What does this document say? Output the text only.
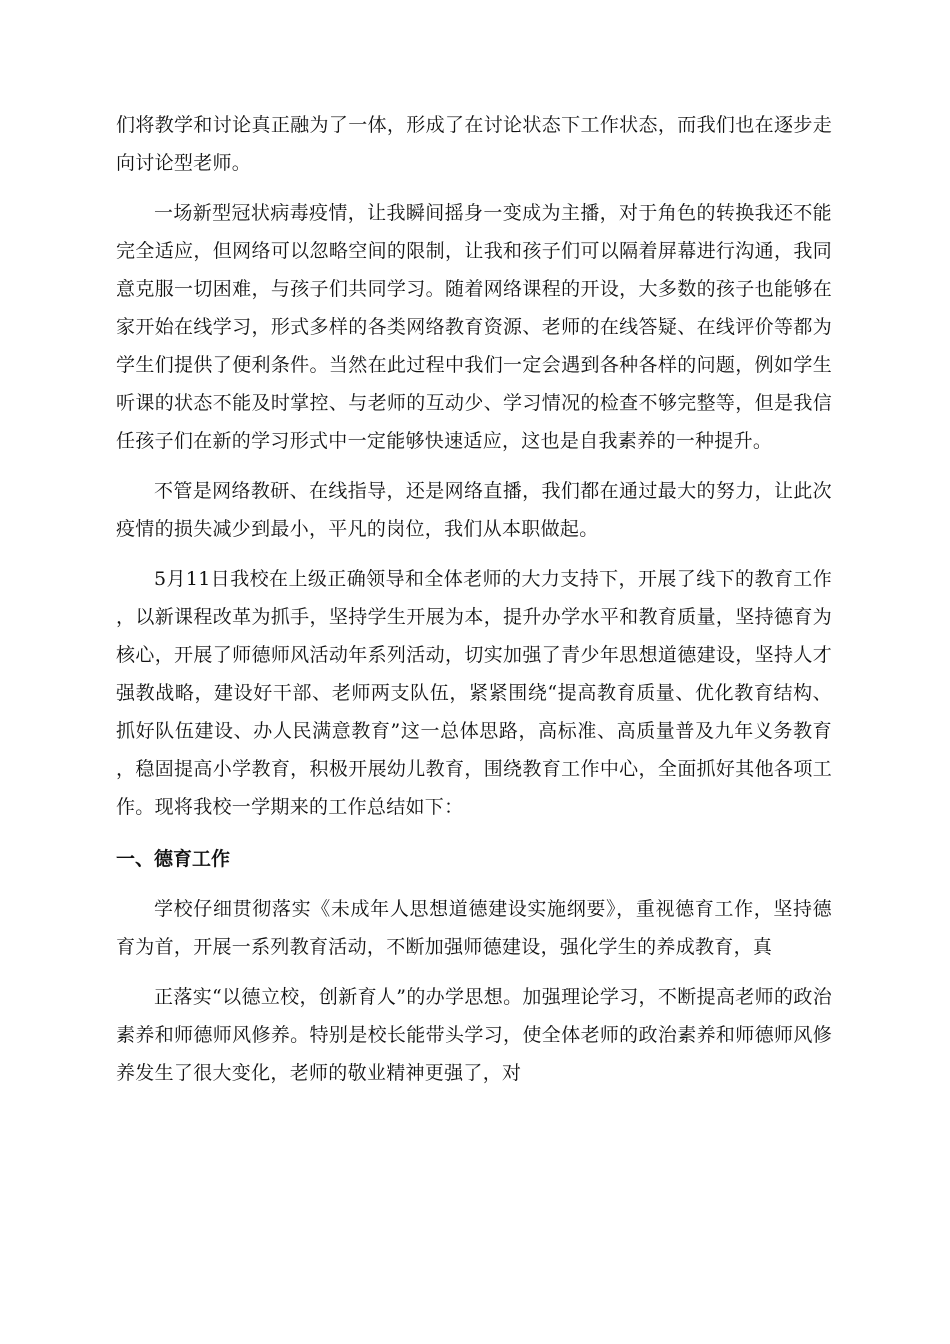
们将教学和讨论真正融为了一体，形成了在讨论状态下工作状态，而我们也在逐步走向讨论型老师。

一场新型冠状病毒疫情，让我瞬间摇身一变成为主播，对于角色的转换我还不能完全适应，但网络可以忽略空间的限制，让我和孩子们可以隔着屏幕进行沟通，我同意克服一切困难，与孩子们共同学习。随着网络课程的开设，大多数的孩子也能够在家开始在线学习，形式多样的各类网络教育资源、老师的在线答疑、在线评价等都为学生们提供了便利条件。当然在此过程中我们一定会遇到各种各样的问题，例如学生听课的状态不能及时掌控、与老师的互动少、学习情况的检查不够完整等，但是我信任孩子们在新的学习形式中一定能够快速适应，这也是自我素养的一种提升。

不管是网络教研、在线指导，还是网络直播，我们都在通过最大的努力，让此次疫情的损失减少到最小，平凡的岗位，我们从本职做起。

5月11日我校在上级正确领导和全体老师的大力支持下，开展了线下的教育工作，以新课程改革为抓手，坚持学生开展为本，提升办学水平和教育质量，坚持德育为核心，开展了师德师风活动年系列活动，切实加强了青少年思想道德建设，坚持人才强教战略，建设好干部、老师两支队伍，紧紧围绕“提高教育质量、优化教育结构、抓好队伍建设、办人民满意教育”这一总体思路，高标准、高质量普及九年义务教育，稳固提高小学教育，积极开展幼儿教育，围绕教育工作中心，全面抓好其他各项工作。现将我校一学期来的工作总结如下：

一、德育工作

学校仔细贯彻落实《未成年人思想道德建设实施纲要》，重视德育工作，坚持德育为首，开展一系列教育活动，不断加强师德建设，强化学生的养成教育，真

正落实“以德立校，创新育人”的办学思想。加强理论学习，不断提高老师的政治素养和师德师风修养。特别是校长能带头学习，使全体老师的政治素养和师德师风修养发生了很大变化，老师的敬业精神更强了，对
